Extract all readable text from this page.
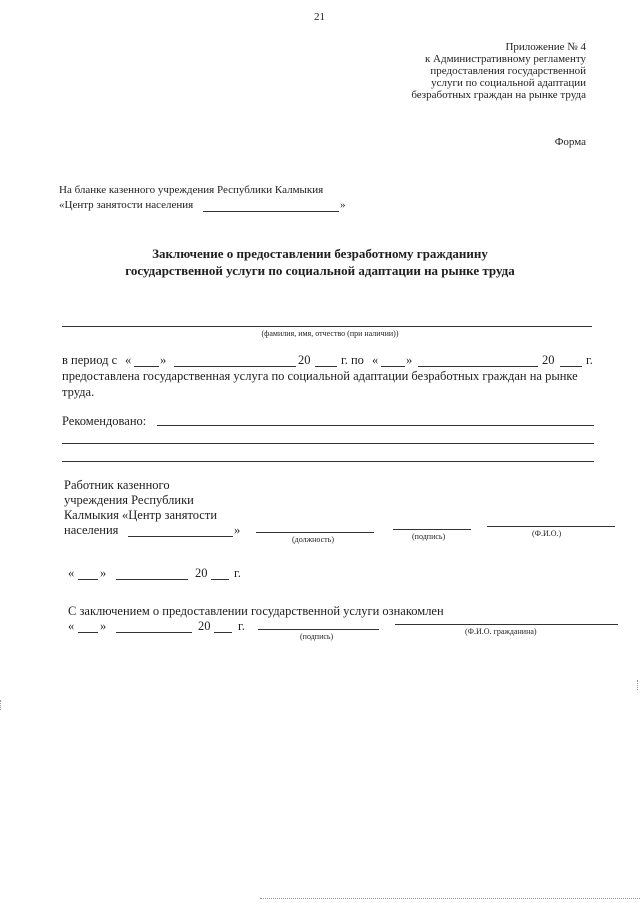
21
Приложение № 4
к Административному регламенту
предоставления государственной
услуги по социальной адаптации
безработных граждан на рынке труда
Форма
На бланке казенного учреждения Республики Калмыкия
«Центр занятости населения	»
Заключение о предоставлении безработному гражданину
государственной услуги по социальной адаптации на рынке труда
(фамилия, имя, отчество (при наличии))
в период с « »	20 г. по « »	20	г.
предоставлена государственная услуга по социальной адаптации безработных граждан на рынке
труда.
Рекомендовано:
Работник казенного
учреждения Республики
Калмыкия «Центр занятости
населения	»
(должность)	(подпись)	(Ф.И.О.)
« »	20 г.
С заключением о предоставлении государственной услуги ознакомлен
« »	20 г.
(подпись)
(Ф.И.О. гражданина)
